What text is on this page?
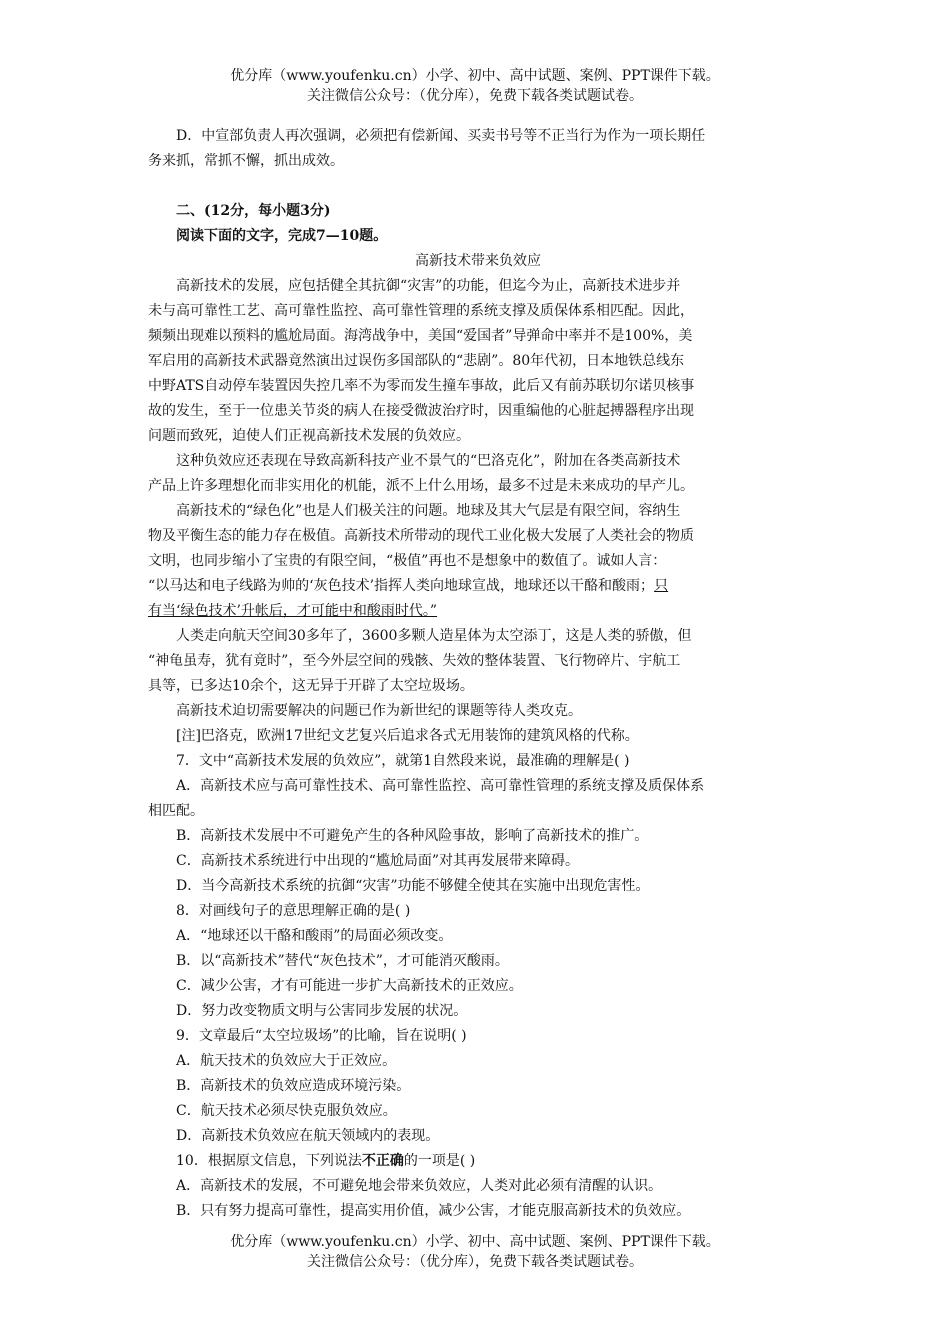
优分库（www.youfenku.cn）小学、初中、高中试题、案例、PPT课件下载。
关注微信公众号：（优分库），免费下载各类试题试卷。
D．中宣部负责人再次强调，必须把有偿新闻、买卖书号等不正当行为作为一项长期任
务来抓，常抓不懈，抓出成效。
二、(12分，每小题3分)
阅读下面的文字，完成7—10题。
高新技术带来负效应
高新技术的发展，应包括健全其抗御“灾害”的功能，但迄今为止，高新技术进步并
未与高可靠性工艺、高可靠性监控、高可靠性管理的系统支撑及质保体系相匹配。因此，
频频出现难以预料的尴尬局面。海湾战争中，美国“爱国者”导弹命中率并不是100%，美
军启用的高新技术武器竟然演出过误伤多国部队的“悲剧”。80年代初，日本地铁总线东
中野ATS自动停车装置因失控几率不为零而发生撞车事故，此后又有前苏联切尔诺贝核事
故的发生，至于一位患关节炎的病人在接受微波治疗时，因重编他的心脏起搏器程序出现
问题而致死，迫使人们正视高新技术发展的负效应。
这种负效应还表现在导致高新科技产业不景气的“巴洛克化”，附加在各类高新技术
产品上许多理想化而非实用化的机能，派不上什么用场，最多不过是未来成功的早产儿。
高新技术的“绿色化”也是人们极关注的问题。地球及其大气层是有限空间，容纳生
物及平衡生态的能力存在极值。高新技术所带动的现代工业化极大发展了人类社会的物质
文明，也同步缩小了宝贵的有限空间，“极值”再也不是想象中的数值了。诚如人言：
“以马达和电子线路为帅的‘灰色技术’指挥人类向地球宣战，地球还以干酪和酸雨；只
有当‘绿色技术’升帐后，才可能中和酸雨时代。”
人类走向航天空间30多年了，3600多颗人造星体为太空添丁，这是人类的骄傲，但
“神龟虽寿，犹有竟时”，至今外层空间的残骸、失效的整体装置、飞行物碎片、宇航工
具等，已多达10余个，这无异于开辟了太空垃圾场。
高新技术迫切需要解决的问题已作为新世纪的课题等待人类攻克。
[注]巴洛克，欧洲17世纪文艺复兴后追求各式无用装饰的建筑风格的代称。
7．文中“高新技术发展的负效应”，就第1自然段来说，最准确的理解是( )
A．高新技术应与高可靠性技术、高可靠性监控、高可靠性管理的系统支撑及质保体系
相匹配。
B．高新技术发展中不可避免产生的各种风险事故，影响了高新技术的推广。
C．高新技术系统进行中出现的“尴尬局面”对其再发展带来障碍。
D．当今高新技术系统的抗御“灾害”功能不够健全使其在实施中出现危害性。
8．对画线句子的意思理解正确的是( )
A．“地球还以干酪和酸雨”的局面必须改变。
B．以“高新技术”替代“灰色技术”，才可能消灭酸雨。
C．减少公害，才有可能进一步扩大高新技术的正效应。
D．努力改变物质文明与公害同步发展的状况。
9．文章最后“太空垃圾场”的比喻，旨在说明( )
A．航天技术的负效应大于正效应。
B．高新技术的负效应造成环境污染。
C．航天技术必须尽快克服负效应。
D．高新技术负效应在航天领域内的表现。
10．根据原文信息，下列说法不正确的一项是( )
A．高新技术的发展，不可避免地会带来负效应，人类对此必须有清醒的认识。
B．只有努力提高可靠性，提高实用价值，减少公害，才能克服高新技术的负效应。
优分库（www.youfenku.cn）小学、初中、高中试题、案例、PPT课件下载。
关注微信公众号：（优分库），免费下载各类试题试卷。
